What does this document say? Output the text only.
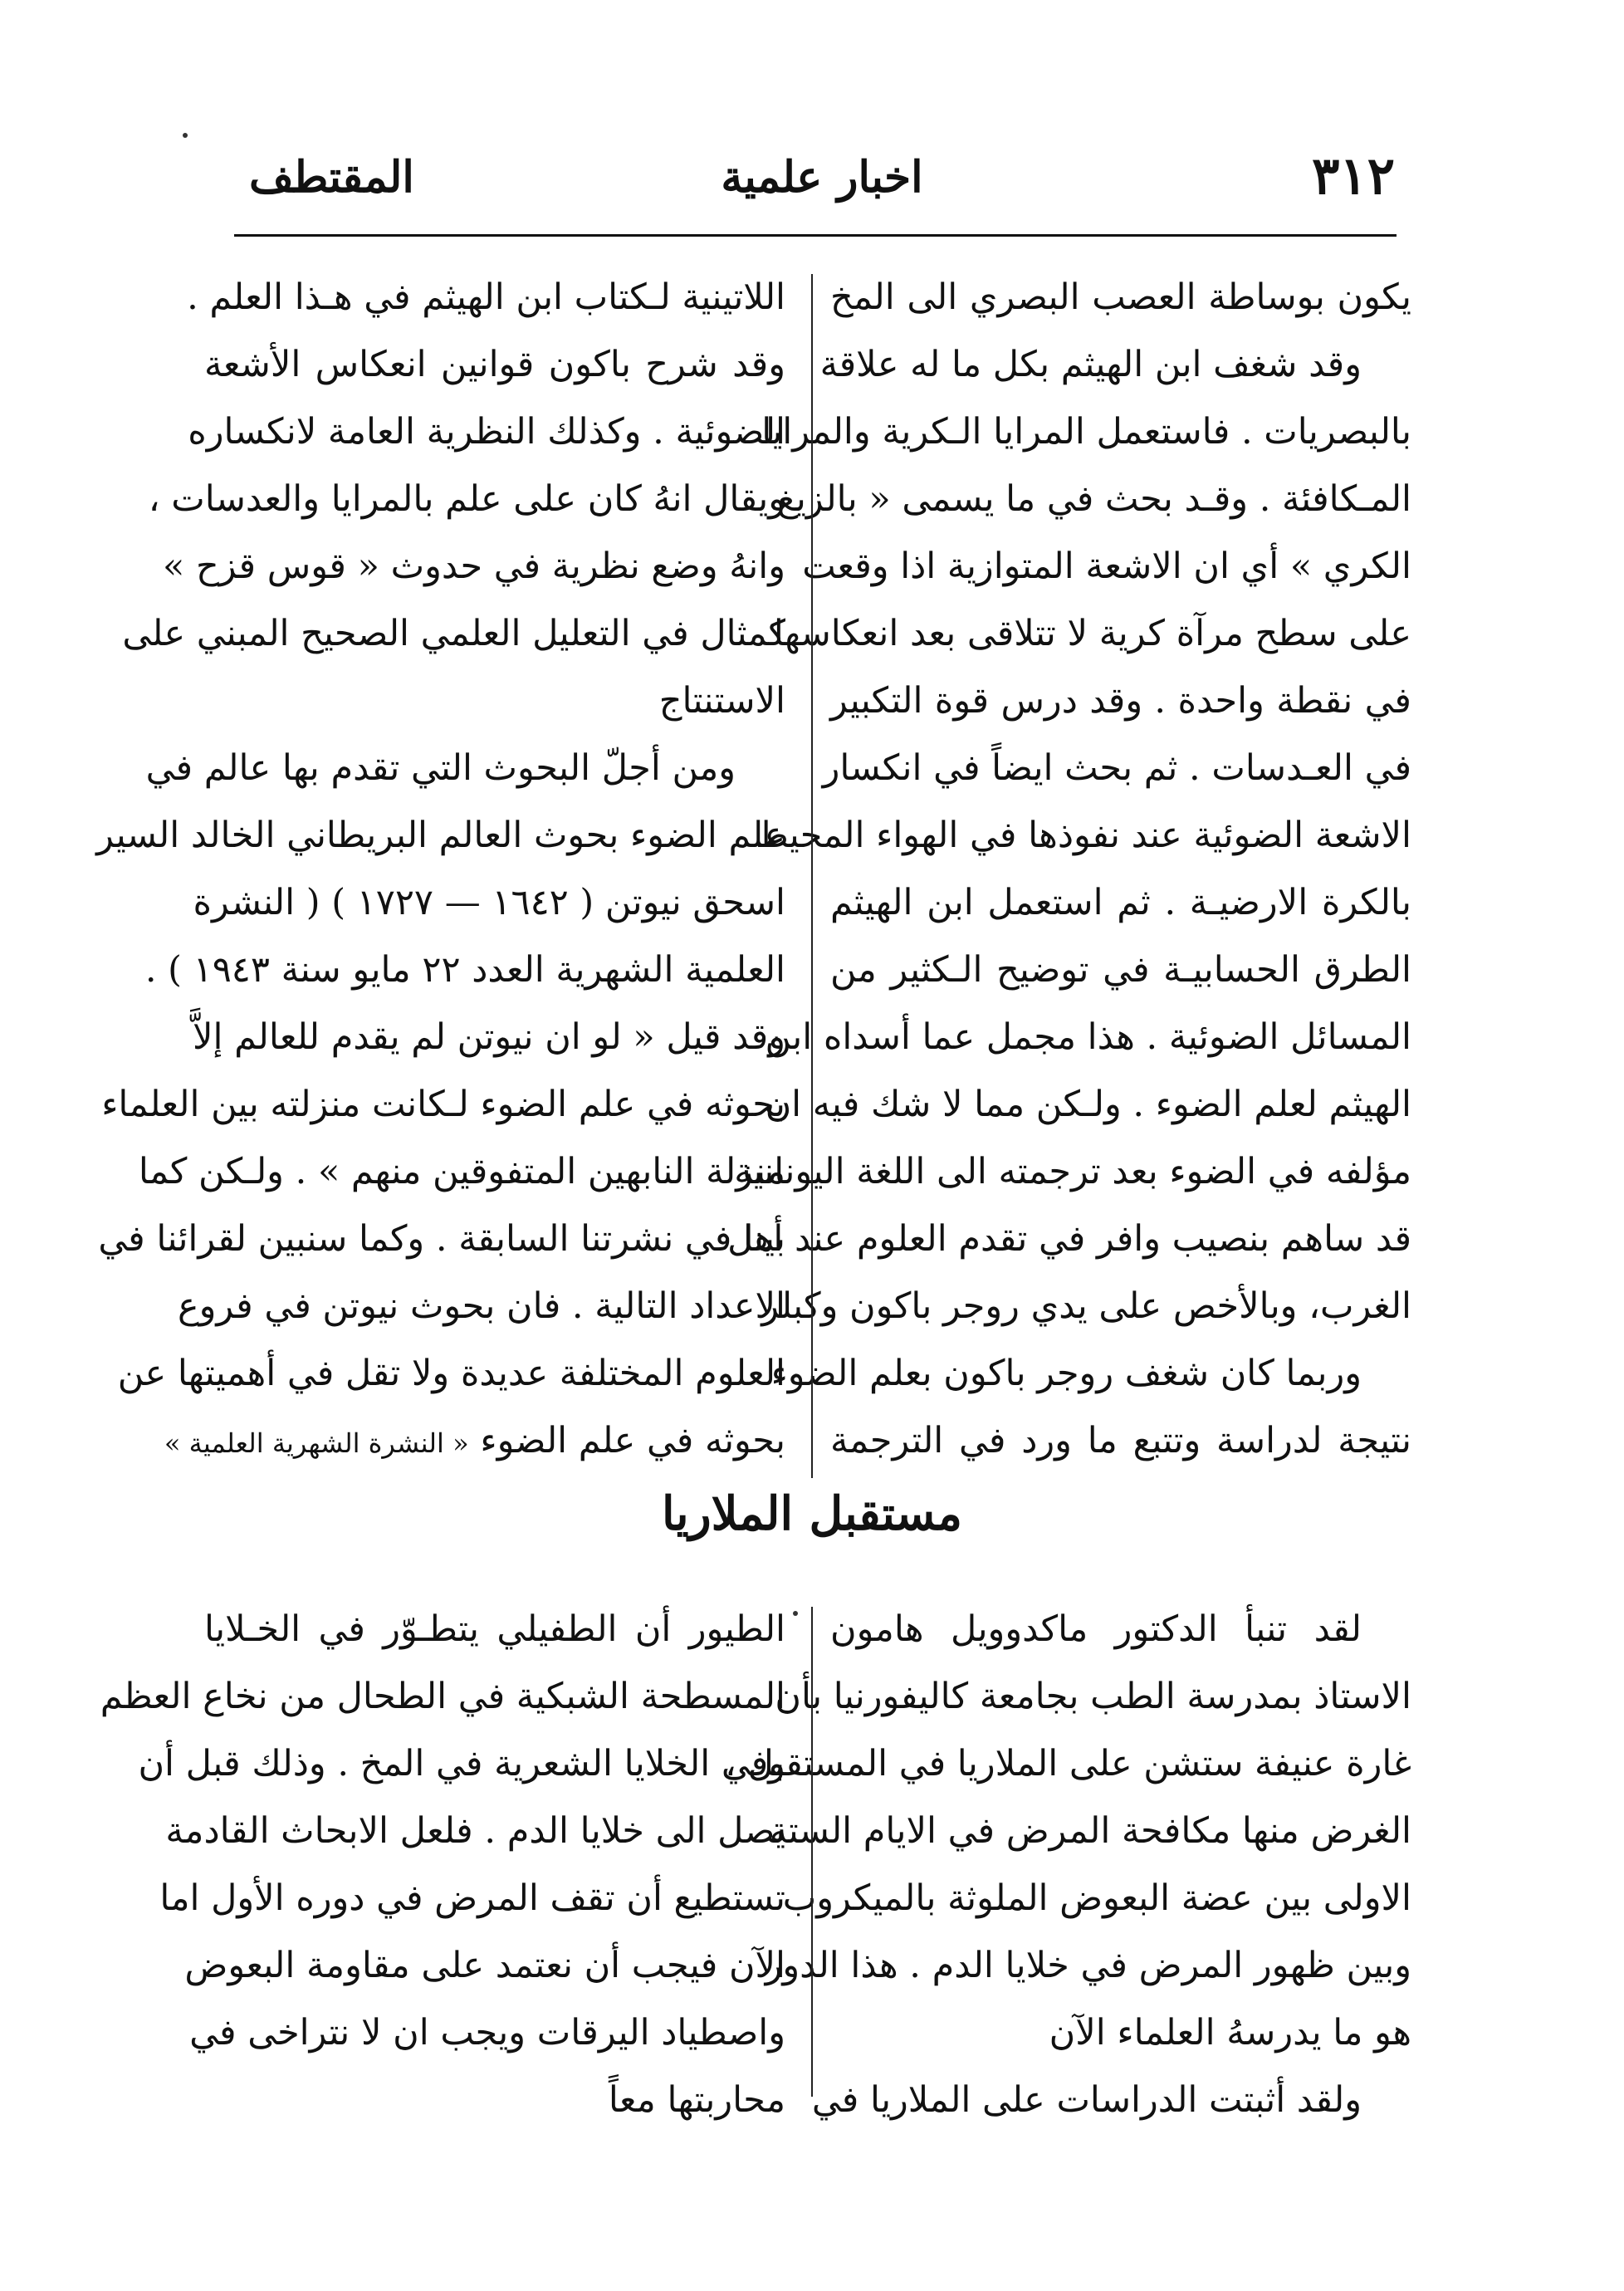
٣١٢
اخبار علمية
المقتطف
يكون بوساطة العصب البصري الى المخ
وقد شغف ابن الهيثم بكل ما له علاقة
بالبصريات . فاستعمل المرايا الـكرية والمرايا
المـكافئة . وقـد بحث في ما يسمى « بالزيغ
الكري » أي ان الاشعة المتوازية اذا وقعت
على سطح مرآة كرية لا تتلاقى بعد انعكاسها
في نقطة واحدة . وقد درس قوة التكبير
في العـدسات . ثم بحث ايضاً في انكسار
الاشعة الضوئية عند نفوذها في الهواء المحيط
بالكرة الارضيـة . ثم استعمل ابن الهيثم
الطرق الحسابيـة في توضيح الـكثير من
المسائل الضوئية . هذا مجمل عما أسداه ابن
الهيثم لعلم الضوء . ولـكن مما لا شك فيه ان
مؤلفه في الضوء بعد ترجمته الى اللغة اليونانية
قد ساهم بنصيب وافر في تقدم العلوم عند أهل
الغرب، وبالأخص على يدي روجر باكون وكبلر
وربما كان شغف روجر باكون بعلم الضوء
نتيجة لدراسة وتتبع ما ورد في الترجمة
اللاتينية لـكتاب ابن الهيثم في هـذا العلم .
وقد شرح باكون قوانين انعكاس الأشعة
الضوئية . وكذلك النظرية العامة لانكساره
ويقال انهُ كان على علم بالمرايا والعدسات ،
وانهُ وضع نظرية في حدوث « قوس قزح »
كمثال في التعليل العلمي الصحيح المبني على
الاستنتاج
ومن أجلّ البحوث التي تقدم بها عالم في
علم الضوء بحوث العالم البريطاني الخالد السير
اسحق نيوتن ( ١٦٤٢ — ١٧٢٧ ) ( النشرة
العلمية الشهرية العدد ٢٢ مايو سنة ١٩٤٣ ) .
وقد قيل « لو ان نيوتن لم يقدم للعالم إلاَّ
بحوثه في علم الضوء لـكانت منزلته بين العلماء
منزلة النابهين المتفوقين منهم » . ولـكن كما
بينا في نشرتنا السابقة . وكما سنبين لقرائنا في
الاعداد التالية . فان بحوث نيوتن في فروع
العلوم المختلفة عديدة ولا تقل في أهميتها عن
بحوثه في علم الضوء « النشرة الشهرية العلمية »
مستقبل الملاريا
لقد تنبأ الدكتور ماكدوويل هامون
الاستاذ بمدرسة الطب بجامعة كاليفورنيا بأن
غارة عنيفة ستشن على الملاريا في المستقبل ،
الغرض منها مكافحة المرض في الايام الستة
الاولى بين عضة البعوض الملوثة بالميكروب
وبين ظهور المرض في خلايا الدم . هذا الدور
هو ما يدرسهُ العلماء الآن
ولقد أثبتت الدراسات على الملاريا في
الطيور أن الطفيلي يتطـوّر في الخـلايا
المسطحة الشبكية في الطحال من نخاع العظم
وفي الخلايا الشعرية في المخ . وذلك قبل أن
يصل الى خلايا الدم . فلعل الابحاث القادمة
تستطيع أن تقف المرض في دوره الأول اما
الآن فيجب أن نعتمد على مقاومة البعوض
واصطياد اليرقات ويجب ان لا نتراخى في
محاربتها معاً
